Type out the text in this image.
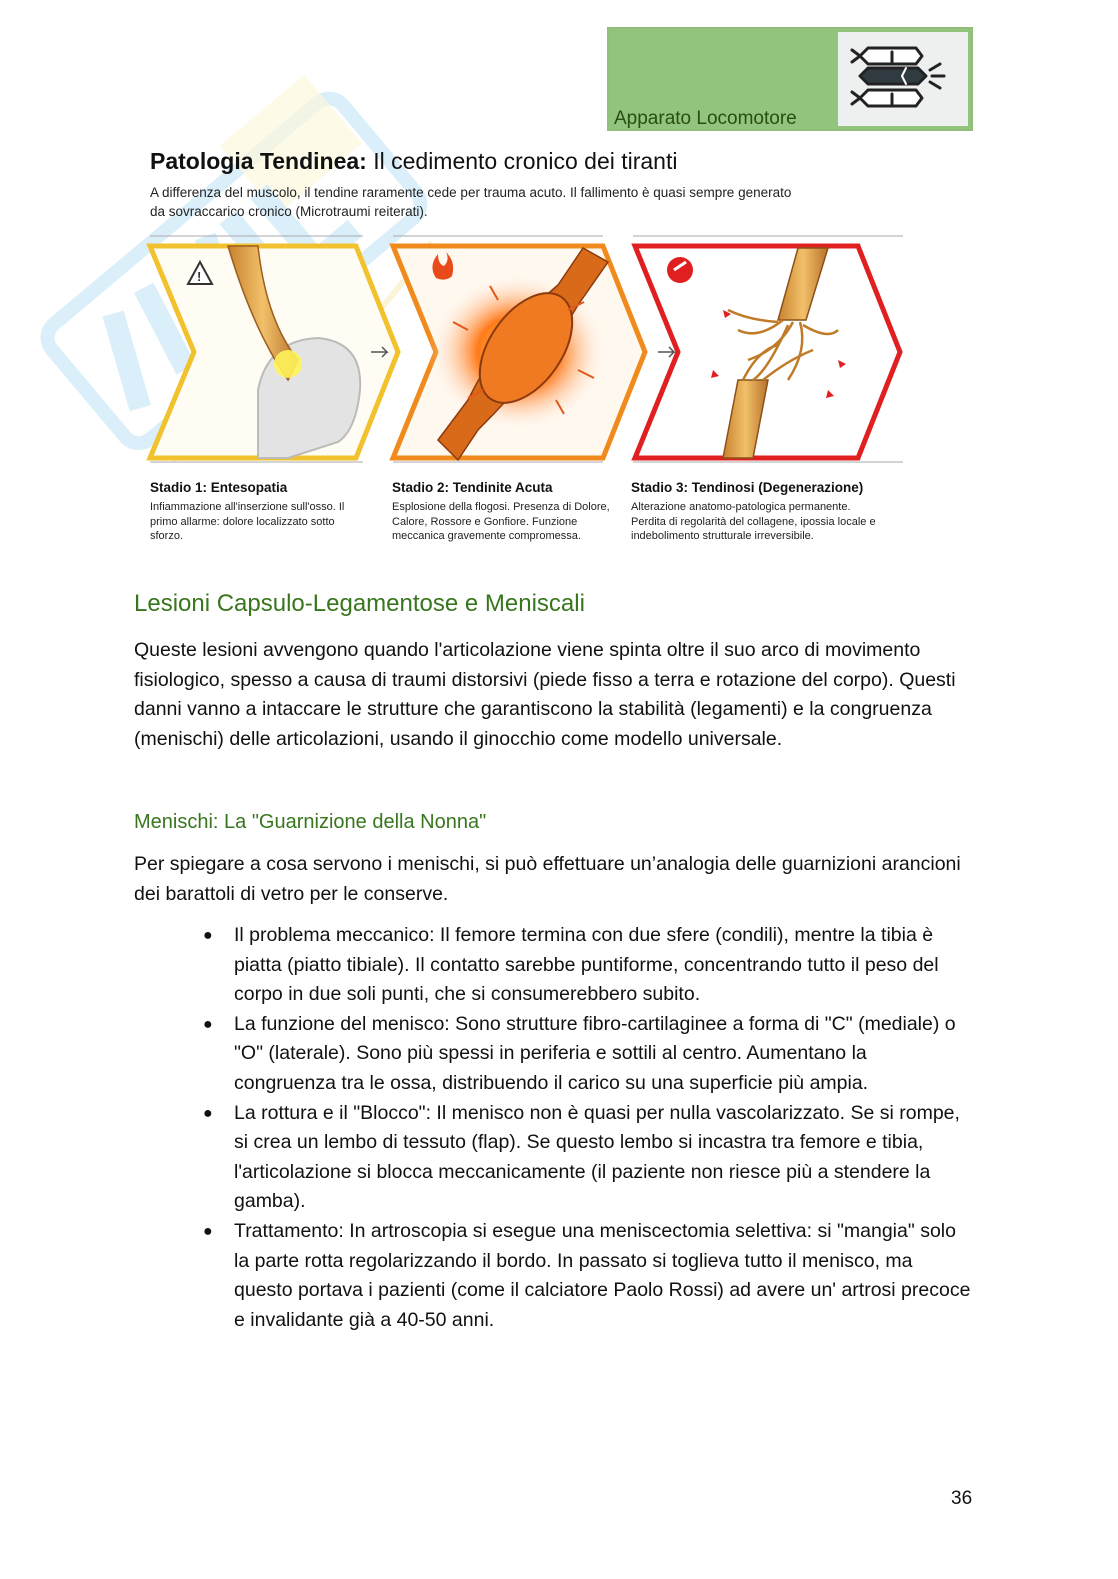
Apparato Locomotore
Patologia Tendinea: Il cedimento cronico dei tiranti
A differenza del muscolo, il tendine raramente cede per trauma acuto. Il fallimento è quasi sempre generato da sovraccarico cronico (Microtraumi reiterati).
!
Stadio 1: Entesopatia
Infiammazione all'inserzione sull'osso. Il primo allarme: dolore localizzato sotto sforzo.
Stadio 2: Tendinite Acuta
Esplosione della flogosi. Presenza di Dolore, Calore, Rossore e Gonfiore. Funzione meccanica gravemente compromessa.
Stadio 3: Tendinosi (Degenerazione)
Alterazione anatomo-patologica permanente. Perdita di regolarità del collagene, ipossia locale e indebolimento strutturale irreversibile.
Lesioni Capsulo-Legamentose e Meniscali
Queste lesioni avvengono quando l'articolazione viene spinta oltre il suo arco di movimento fisiologico, spesso a causa di traumi distorsivi (piede fisso a terra e rotazione del corpo). Questi danni vanno a intaccare le strutture che garantiscono la stabilità (legamenti) e la congruenza (menischi) delle articolazioni, usando il ginocchio come modello universale.
Menischi: La "Guarnizione della Nonna"
Per spiegare a cosa servono i menischi, si può effettuare un’analogia delle guarnizioni arancioni dei barattoli di vetro per le conserve.
● Il problema meccanico: Il femore termina con due sfere (condili), mentre la tibia è piatta (piatto tibiale). Il contatto sarebbe puntiforme, concentrando tutto il peso del corpo in due soli punti, che si consumerebbero subito.
● La funzione del menisco: Sono strutture fibro-cartilaginee a forma di "C" (mediale) o "O" (laterale). Sono più spessi in periferia e sottili al centro. Aumentano la congruenza tra le ossa, distribuendo il carico su una superficie più ampia.
● La rottura e il "Blocco": Il menisco non è quasi per nulla vascolarizzato. Se si rompe, si crea un lembo di tessuto (flap). Se questo lembo si incastra tra femore e tibia, l'articolazione si blocca meccanicamente (il paziente non riesce più a stendere la gamba).
● Trattamento: In artroscopia si esegue una meniscectomia selettiva: si "mangia" solo la parte rotta regolarizzando il bordo. In passato si toglieva tutto il menisco, ma questo portava i pazienti (come il calciatore Paolo Rossi) ad avere un' artrosi precoce e invalidante già a 40-50 anni.
36
